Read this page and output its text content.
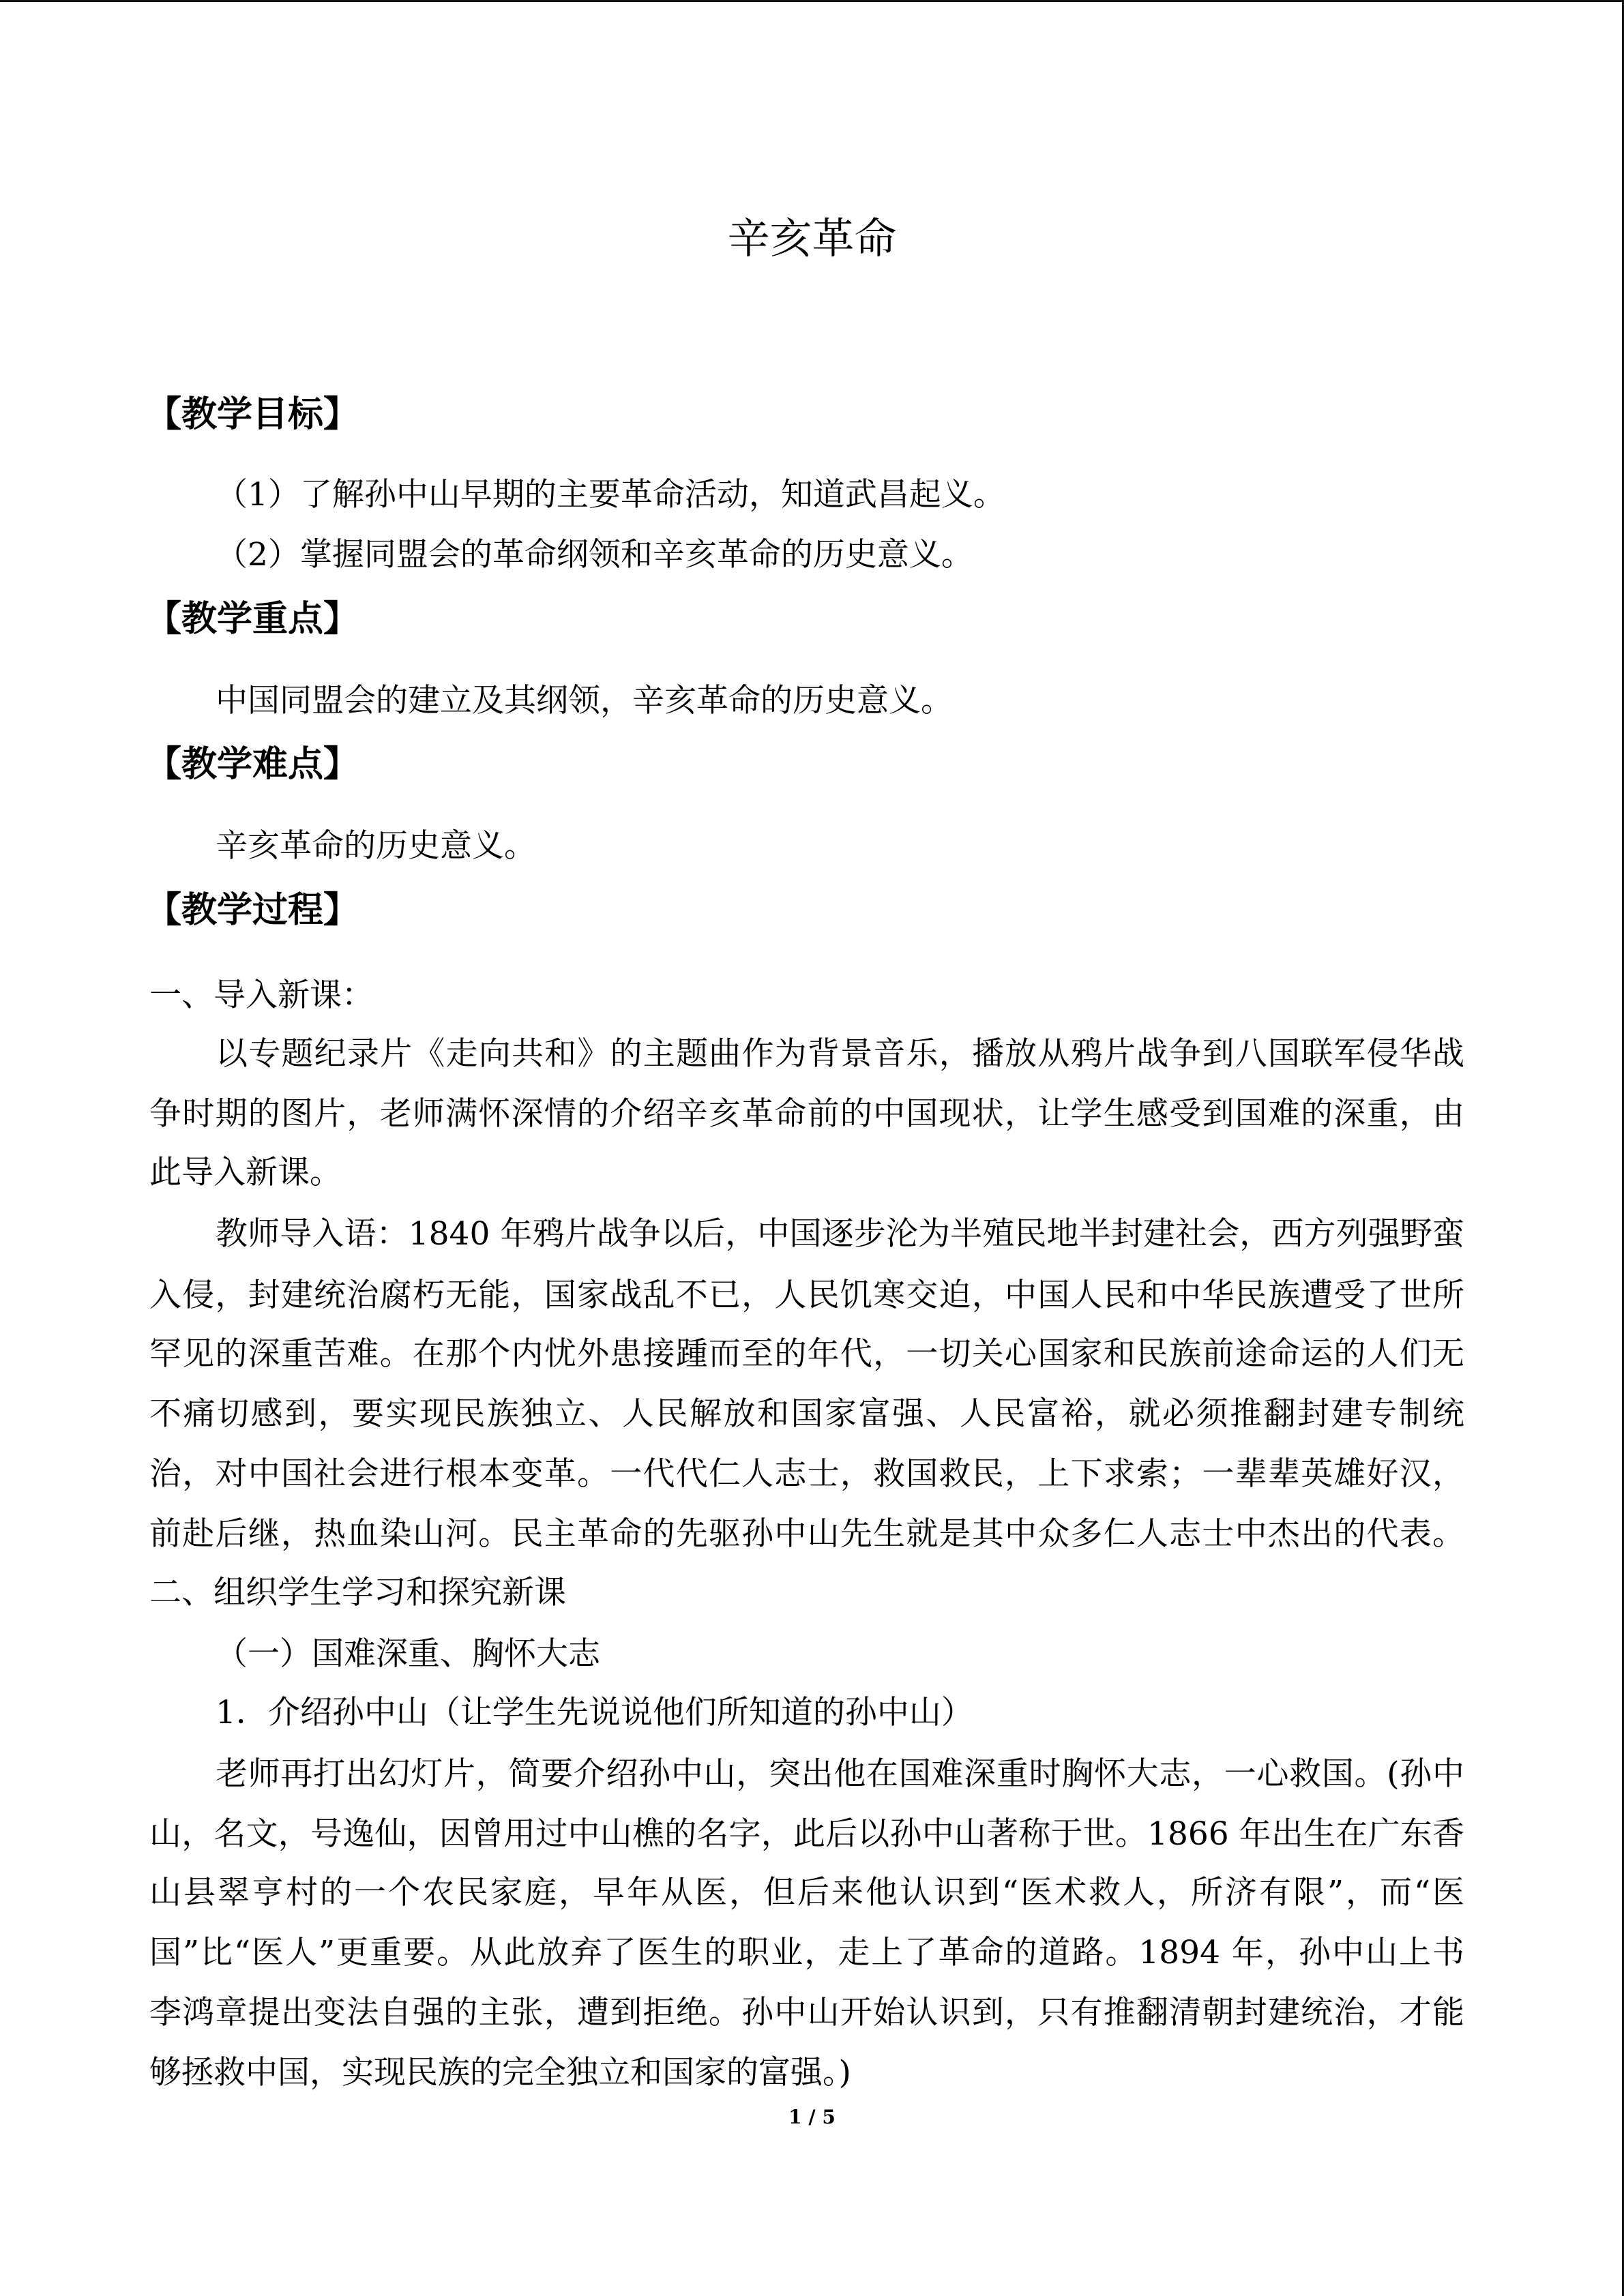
辛亥革命
【教学目标】
（1）了解孙中山早期的主要革命活动，知道武昌起义。
（2）掌握同盟会的革命纲领和辛亥革命的历史意义。
【教学重点】
中国同盟会的建立及其纲领，辛亥革命的历史意义。
【教学难点】
辛亥革命的历史意义。
【教学过程】
一、导入新课：
以专题纪录片《走向共和》的主题曲作为背景音乐，播放从鸦片战争到八国联军侵华战
争时期的图片，老师满怀深情的介绍辛亥革命前的中国现状，让学生感受到国难的深重，由
此导入新课。
教师导入语：1840 年鸦片战争以后，中国逐步沦为半殖民地半封建社会，西方列强野蛮
入侵，封建统治腐朽无能，国家战乱不已，人民饥寒交迫，中国人民和中华民族遭受了世所
罕见的深重苦难。在那个内忧外患接踵而至的年代，一切关心国家和民族前途命运的人们无
不痛切感到，要实现民族独立、人民解放和国家富强、人民富裕，就必须推翻封建专制统
治，对中国社会进行根本变革。一代代仁人志士，救国救民，上下求索；一辈辈英雄好汉，
前赴后继，热血染山河。民主革命的先驱孙中山先生就是其中众多仁人志士中杰出的代表。
二、组织学生学习和探究新课
（一）国难深重、胸怀大志
1．介绍孙中山（让学生先说说他们所知道的孙中山）
老师再打出幻灯片，简要介绍孙中山，突出他在国难深重时胸怀大志，一心救国。(孙中
山，名文，号逸仙，因曾用过中山樵的名字，此后以孙中山著称于世。1866 年出生在广东香
山县翠亨村的一个农民家庭，早年从医，但后来他认识到“医术救人，所济有限”，而“医
国”比“医人”更重要。从此放弃了医生的职业，走上了革命的道路。1894 年，孙中山上书
李鸿章提出变法自强的主张，遭到拒绝。孙中山开始认识到，只有推翻清朝封建统治，才能
够拯救中国，实现民族的完全独立和国家的富强。)
1 / 5
